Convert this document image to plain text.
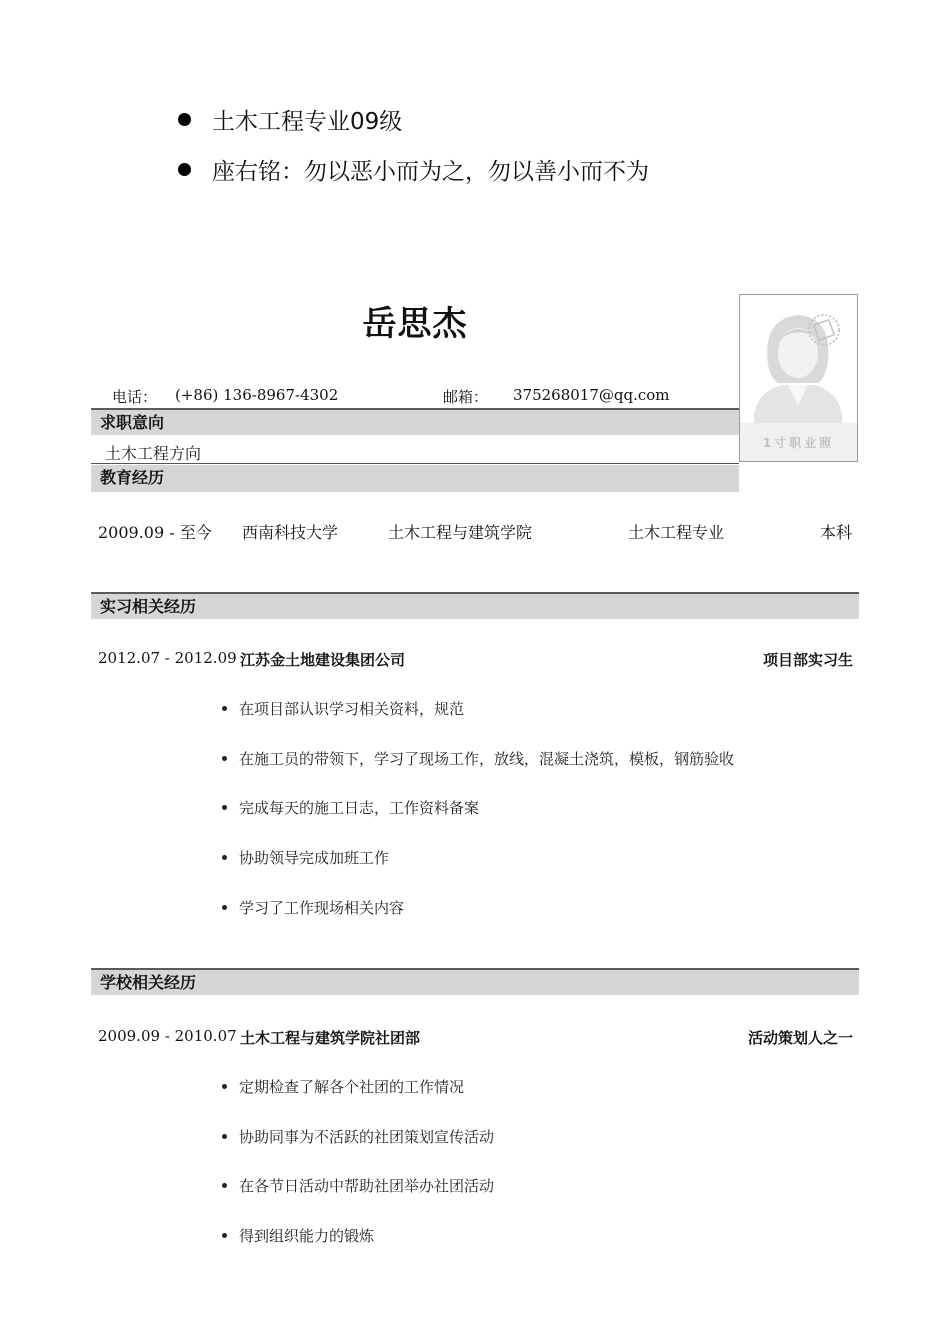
土木工程专业09级
座右铭：勿以恶小而为之，勿以善小而不为
岳思杰
1寸职业照
电话： (+86) 136-8967-4302	邮箱： 375268017@qq.com
求职意向
土木工程方向
教育经历
2009.09 - 至今 西南科技大学	土木工程与建筑学院	土木工程专业	本科
实习相关经历
2012.07 - 2012.09 江苏金土地建设集团公司	项目部实习生
在项目部认识学习相关资料，规范
在施工员的带领下，学习了现场工作，放线，混凝土浇筑，模板，钢筋验收
完成每天的施工日志，工作资料备案
协助领导完成加班工作
学习了工作现场相关内容
学校相关经历
2009.09 - 2010.07 土木工程与建筑学院社团部	活动策划人之一
定期检查了解各个社团的工作情况
协助同事为不活跃的社团策划宣传活动
在各节日活动中帮助社团举办社团活动
得到组织能力的锻炼
